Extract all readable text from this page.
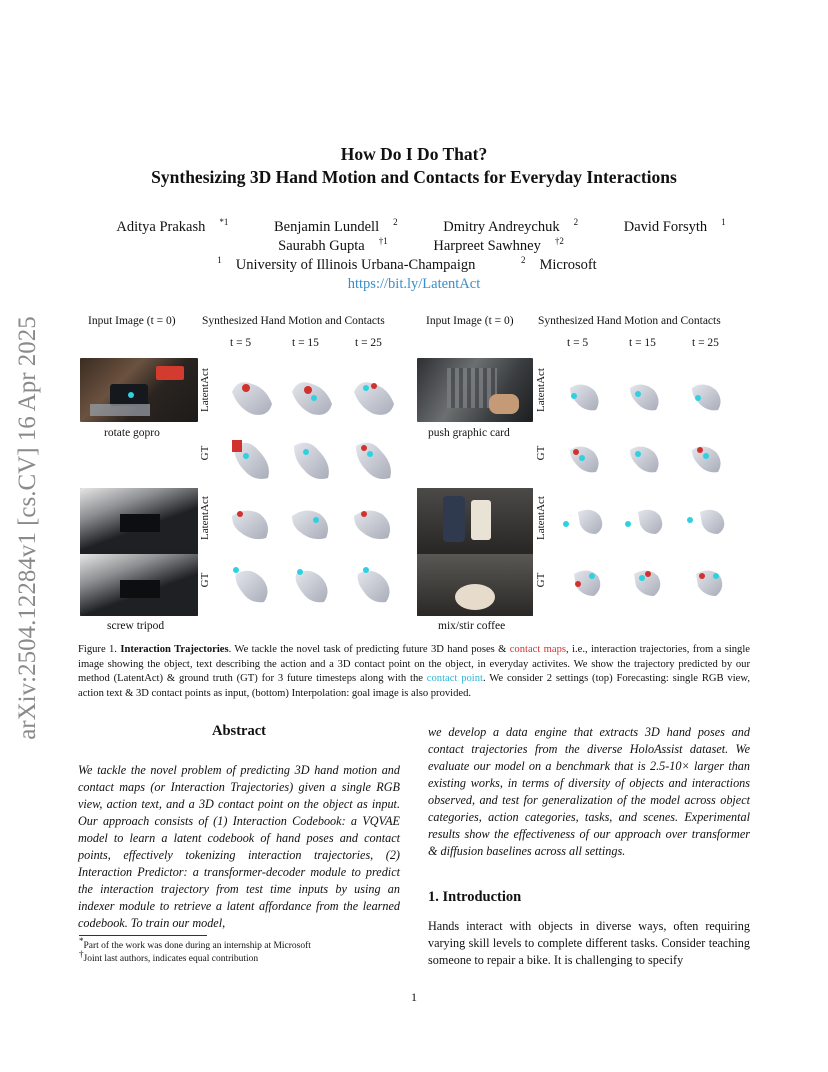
arXiv:2504.12284v1 [cs.CV] 16 Apr 2025
How Do I Do That?
Synthesizing 3D Hand Motion and Contacts for Everyday Interactions
Aditya Prakash $^{*1}$	Benjamin Lundell $^2$	Dmitry Andreychuk $^2$	David Forsyth $^1$
Saurabh Gupta $^{\dagger 1}$	Harpreet Sawhney $^{\dagger 2}$
$^1$ University of Illinois Urbana-Champaign	$^2$ Microsoft
https://bit.ly/LatentAct
Input Image (t = 0) Synthesized Hand Motion and Contacts
t = 5	t = 15	t = 25
Input Image (t = 0) Synthesized Hand Motion and Contacts
t = 5	t = 15	t = 25
rotate gopro	push graphic card
screw tripod	mix/stir coffee
LatentAct
GT
LatentAct
GT
LatentAct
GT
LatentAct
GT
Figure 1. Interaction Trajectories. We tackle the novel task of predicting future 3D hand poses & contact maps, i.e., interaction trajectories, from a single image showing the object, text describing the action and a 3D contact point on the object, in everyday activites. We show the trajectory predicted by our method (LatentAct) & ground truth (GT) for 3 future timesteps along with the contact point. We consider 2 settings (top) Forecasting: single RGB view, action text & 3D contact points as input, (bottom) Interpolation: goal image is also provided.
Abstract
We tackle the novel problem of predicting 3D hand motion and contact maps (or Interaction Trajectories) given a single RGB view, action text, and a 3D contact point on the object as input. Our approach consists of (1) Interaction Codebook: a VQVAE model to learn a latent codebook of hand poses and contact points, effectively tokenizing interaction trajectories, (2) Interaction Predictor: a transformer-decoder module to predict the interaction trajectory from test time inputs by using an indexer module to retrieve a latent affordance from the learned codebook. To train our model,
we develop a data engine that extracts 3D hand poses and contact trajectories from the diverse HoloAssist dataset. We evaluate our model on a benchmark that is 2.5-10× larger than existing works, in terms of diversity of objects and interactions observed, and test for generalization of the model across object categories, action categories, tasks, and scenes. Experimental results show the effectiveness of our approach over transformer & diffusion baselines across all settings.
1. Introduction
Hands interact with objects in diverse ways, often requiring varying skill levels to complete different tasks. Consider teaching someone to repair a bike. It is challenging to specify
*Part of the work was done during an internship at Microsoft
†Joint last authors, indicates equal contribution
1
